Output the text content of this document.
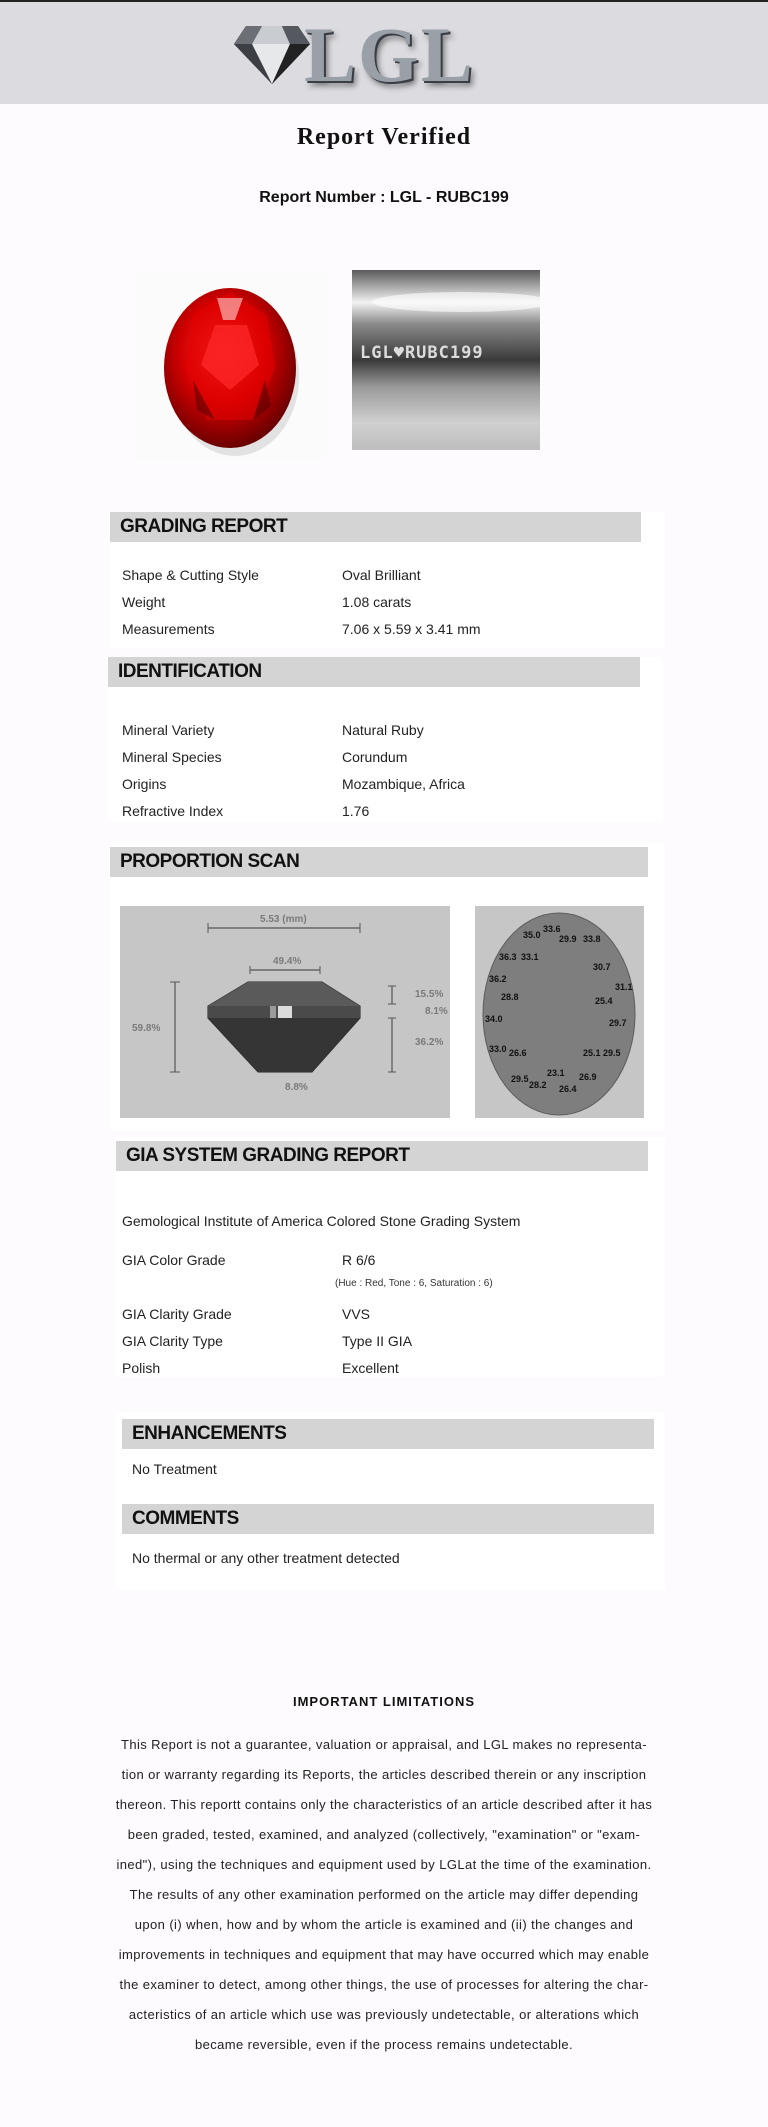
LGL
Report Verified
Report Number : LGL - RUBC199
LGL♥RUBC199
GRADING REPORT
Shape & Cutting Style	Oval Brilliant
Weight	1.08 carats
Measurements	7.06 x 5.59 x 3.41 mm
IDENTIFICATION
Mineral Variety	Natural Ruby
Mineral Species	Corundum
Origins	Mozambique, Africa
Refractive Index	1.76
PROPORTION SCAN
5.53 (mm)
49.4%
59.8%
15.5%
8.1%
36.2%
8.8%
33.6
35.0 29.9 33.8
36.3 33.1
30.7
36.2
31.1
28.8	25.4
34.0	29.7
33.0 26.6	25.1 29.5
23.1
29.5
28.2
26.9
26.4
GIA SYSTEM GRADING REPORT
Gemological Institute of America Colored Stone Grading System
GIA Color Grade	R 6/6
(Hue : Red, Tone : 6, Saturation : 6)
GIA Clarity Grade	VVS
GIA Clarity Type	Type II GIA
Polish	Excellent
ENHANCEMENTS
COMMENTS
No Treatment
No thermal or any other treatment detected
IMPORTANT LIMITATIONS
This Report is not a guarantee, valuation or appraisal, and LGL makes no representa-
tion or warranty regarding its Reports, the articles described therein or any inscription
thereon. This reportt contains only the characteristics of an article described after it has
been graded, tested, examined, and analyzed (collectively, "examination" or "exam-
ined"), using the techniques and equipment used by LGLat the time of the examination.
The results of any other examination performed on the article may differ depending
upon (i) when, how and by whom the article is examined and (ii) the changes and
improvements in techniques and equipment that may have occurred which may enable
the examiner to detect, among other things, the use of processes for altering the char-
acteristics of an article which use was previously undetectable, or alterations which
became reversible, even if the process remains undetectable.
